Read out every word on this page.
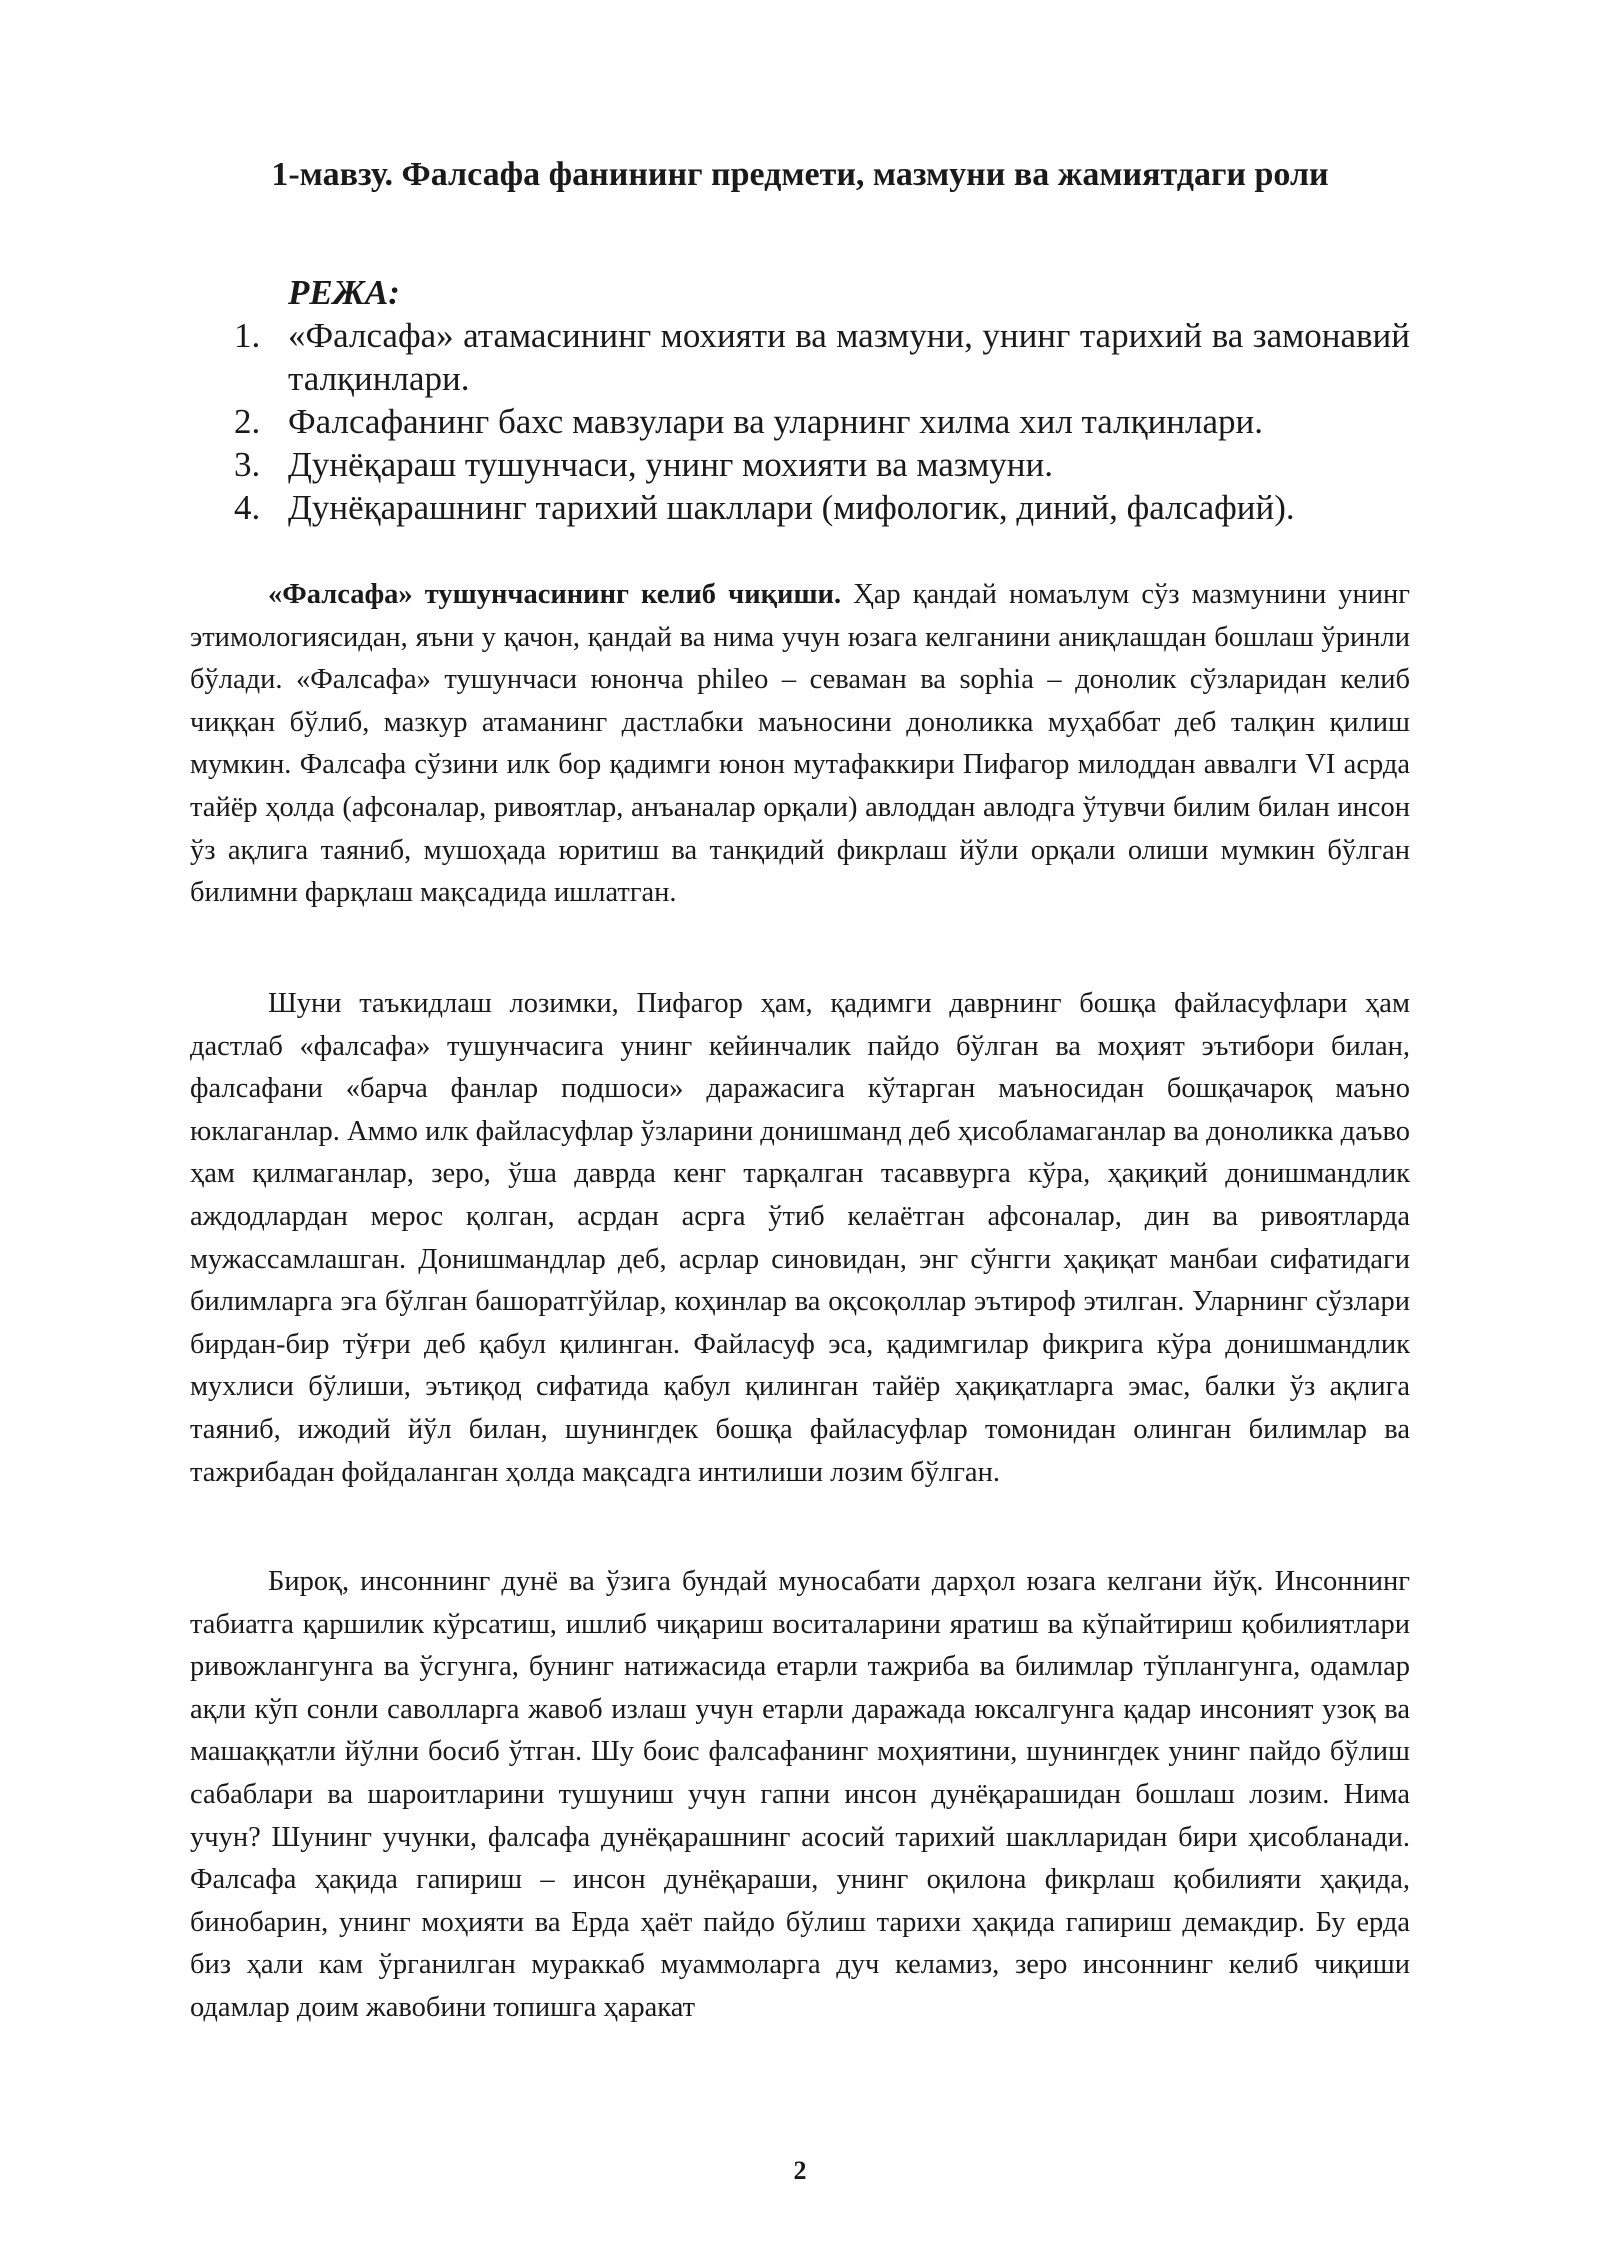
1-мавзу. Фалсафа фанининг предмети, мазмуни ва жамиятдаги роли
РЕЖА:
1. «Фалсафа» атамасининг мохияти ва мазмуни, унинг тарихий ва замонавий талқинлари.
2. Фалсафанинг бахс мавзулари ва уларнинг хилма хил талқинлари.
3. Дунёқараш тушунчаси, унинг мохияти ва мазмуни.
4. Дунёқарашнинг тарихий шакллари (мифологик, диний, фалсафий).

«Фалсафа» тушунчасининг келиб чиқиши. Ҳар қандай номаълум сўз мазмунини унинг этимологиясидан, яъни у қачон, қандай ва нима учун юзага келганини аниқлашдан бошлаш ўринли бўлади. «Фалсафа» тушунчаси юнонча phileo – севаман ва sophia – донолик сўзларидан келиб чиққан бўлиб, мазкур атаманинг дастлабки маъносини доноликка муҳаббат деб талқин қилиш мумкин. Фалсафа сўзини илк бор қадимги юнон мутафаккири Пифагор милоддан аввалги VI асрда тайёр ҳолда (афсоналар, ривоятлар, анъаналар орқали) авлоддан авлодга ўтувчи билим билан инсон ўз ақлига таяниб, мушоҳада юритиш ва танқидий фикрлаш йўли орқали олиши мумкин бўлган билимни фарқлаш мақсадида ишлатган.

Шуни таъкидлаш лозимки, Пифагор ҳам, қадимги даврнинг бошқа файласуфлари ҳам дастлаб «фалсафа» тушунчасига унинг кейинчалик пайдо бўлган ва моҳият эътибори билан, фалсафани «барча фанлар подшоси» даражасига кўтарган маъносидан бошқачароқ маъно юклаганлар. Аммо илк файласуфлар ўзларини донишманд деб ҳисобламаганлар ва доноликка даъво ҳам қилмаганлар, зеро, ўша даврда кенг тарқалган тасаввурга кўра, ҳақиқий донишмандлик аждодлардан мерос қолган, асрдан асрга ўтиб келаётган афсоналар, дин ва ривоятларда мужассамлашган. Донишмандлар деб, асрлар синовидан, энг сўнгги ҳақиқат манбаи сифатидаги билимларга эга бўлган башоратгўйлар, коҳинлар ва оқсоқоллар эътироф этилган. Уларнинг сўзлари бирдан-бир тўғри деб қабул қилинган. Файласуф эса, қадимгилар фикрига кўра донишмандлик мухлиси бўлиши, эътиқод сифатида қабул қилинган тайёр ҳақиқатларга эмас, балки ўз ақлига таяниб, ижодий йўл билан, шунингдек бошқа файласуфлар томонидан олинган билимлар ва тажрибадан фойдаланган ҳолда мақсадга интилиши лозим бўлган.

Бироқ, инсоннинг дунё ва ўзига бундай муносабати дарҳол юзага келгани йўқ. Инсоннинг табиатга қаршилик кўрсатиш, ишлиб чиқариш воситаларини яратиш ва кўпайтириш қобилиятлари ривожлангунга ва ўсгунга, бунинг натижасида етарли тажриба ва билимлар тўплангунга, одамлар ақли кўп сонли саволларга жавоб излаш учун етарли даражада юксалгунга қадар инсоният узоқ ва машаққатли йўлни босиб ўтган. Шу боис фалсафанинг моҳиятини, шунингдек унинг пайдо бўлиш сабаблари ва шароитларини тушуниш учун гапни инсон дунёқарашидан бошлаш лозим. Нима учун? Шунинг учунки, фалсафа дунёқарашнинг асосий тарихий шаклларидан бири ҳисобланади. Фалсафа ҳақида гапириш – инсон дунёқараши, унинг оқилона фикрлаш қобилияти ҳақида, бинобарин, унинг моҳияти ва Ерда ҳаёт пайдо бўлиш тарихи ҳақида гапириш демакдир. Бу ерда биз ҳали кам ўрганилган мураккаб муаммоларга дуч келамиз, зеро инсоннинг келиб чиқиши одамлар доим жавобини топишга ҳаракат

2
